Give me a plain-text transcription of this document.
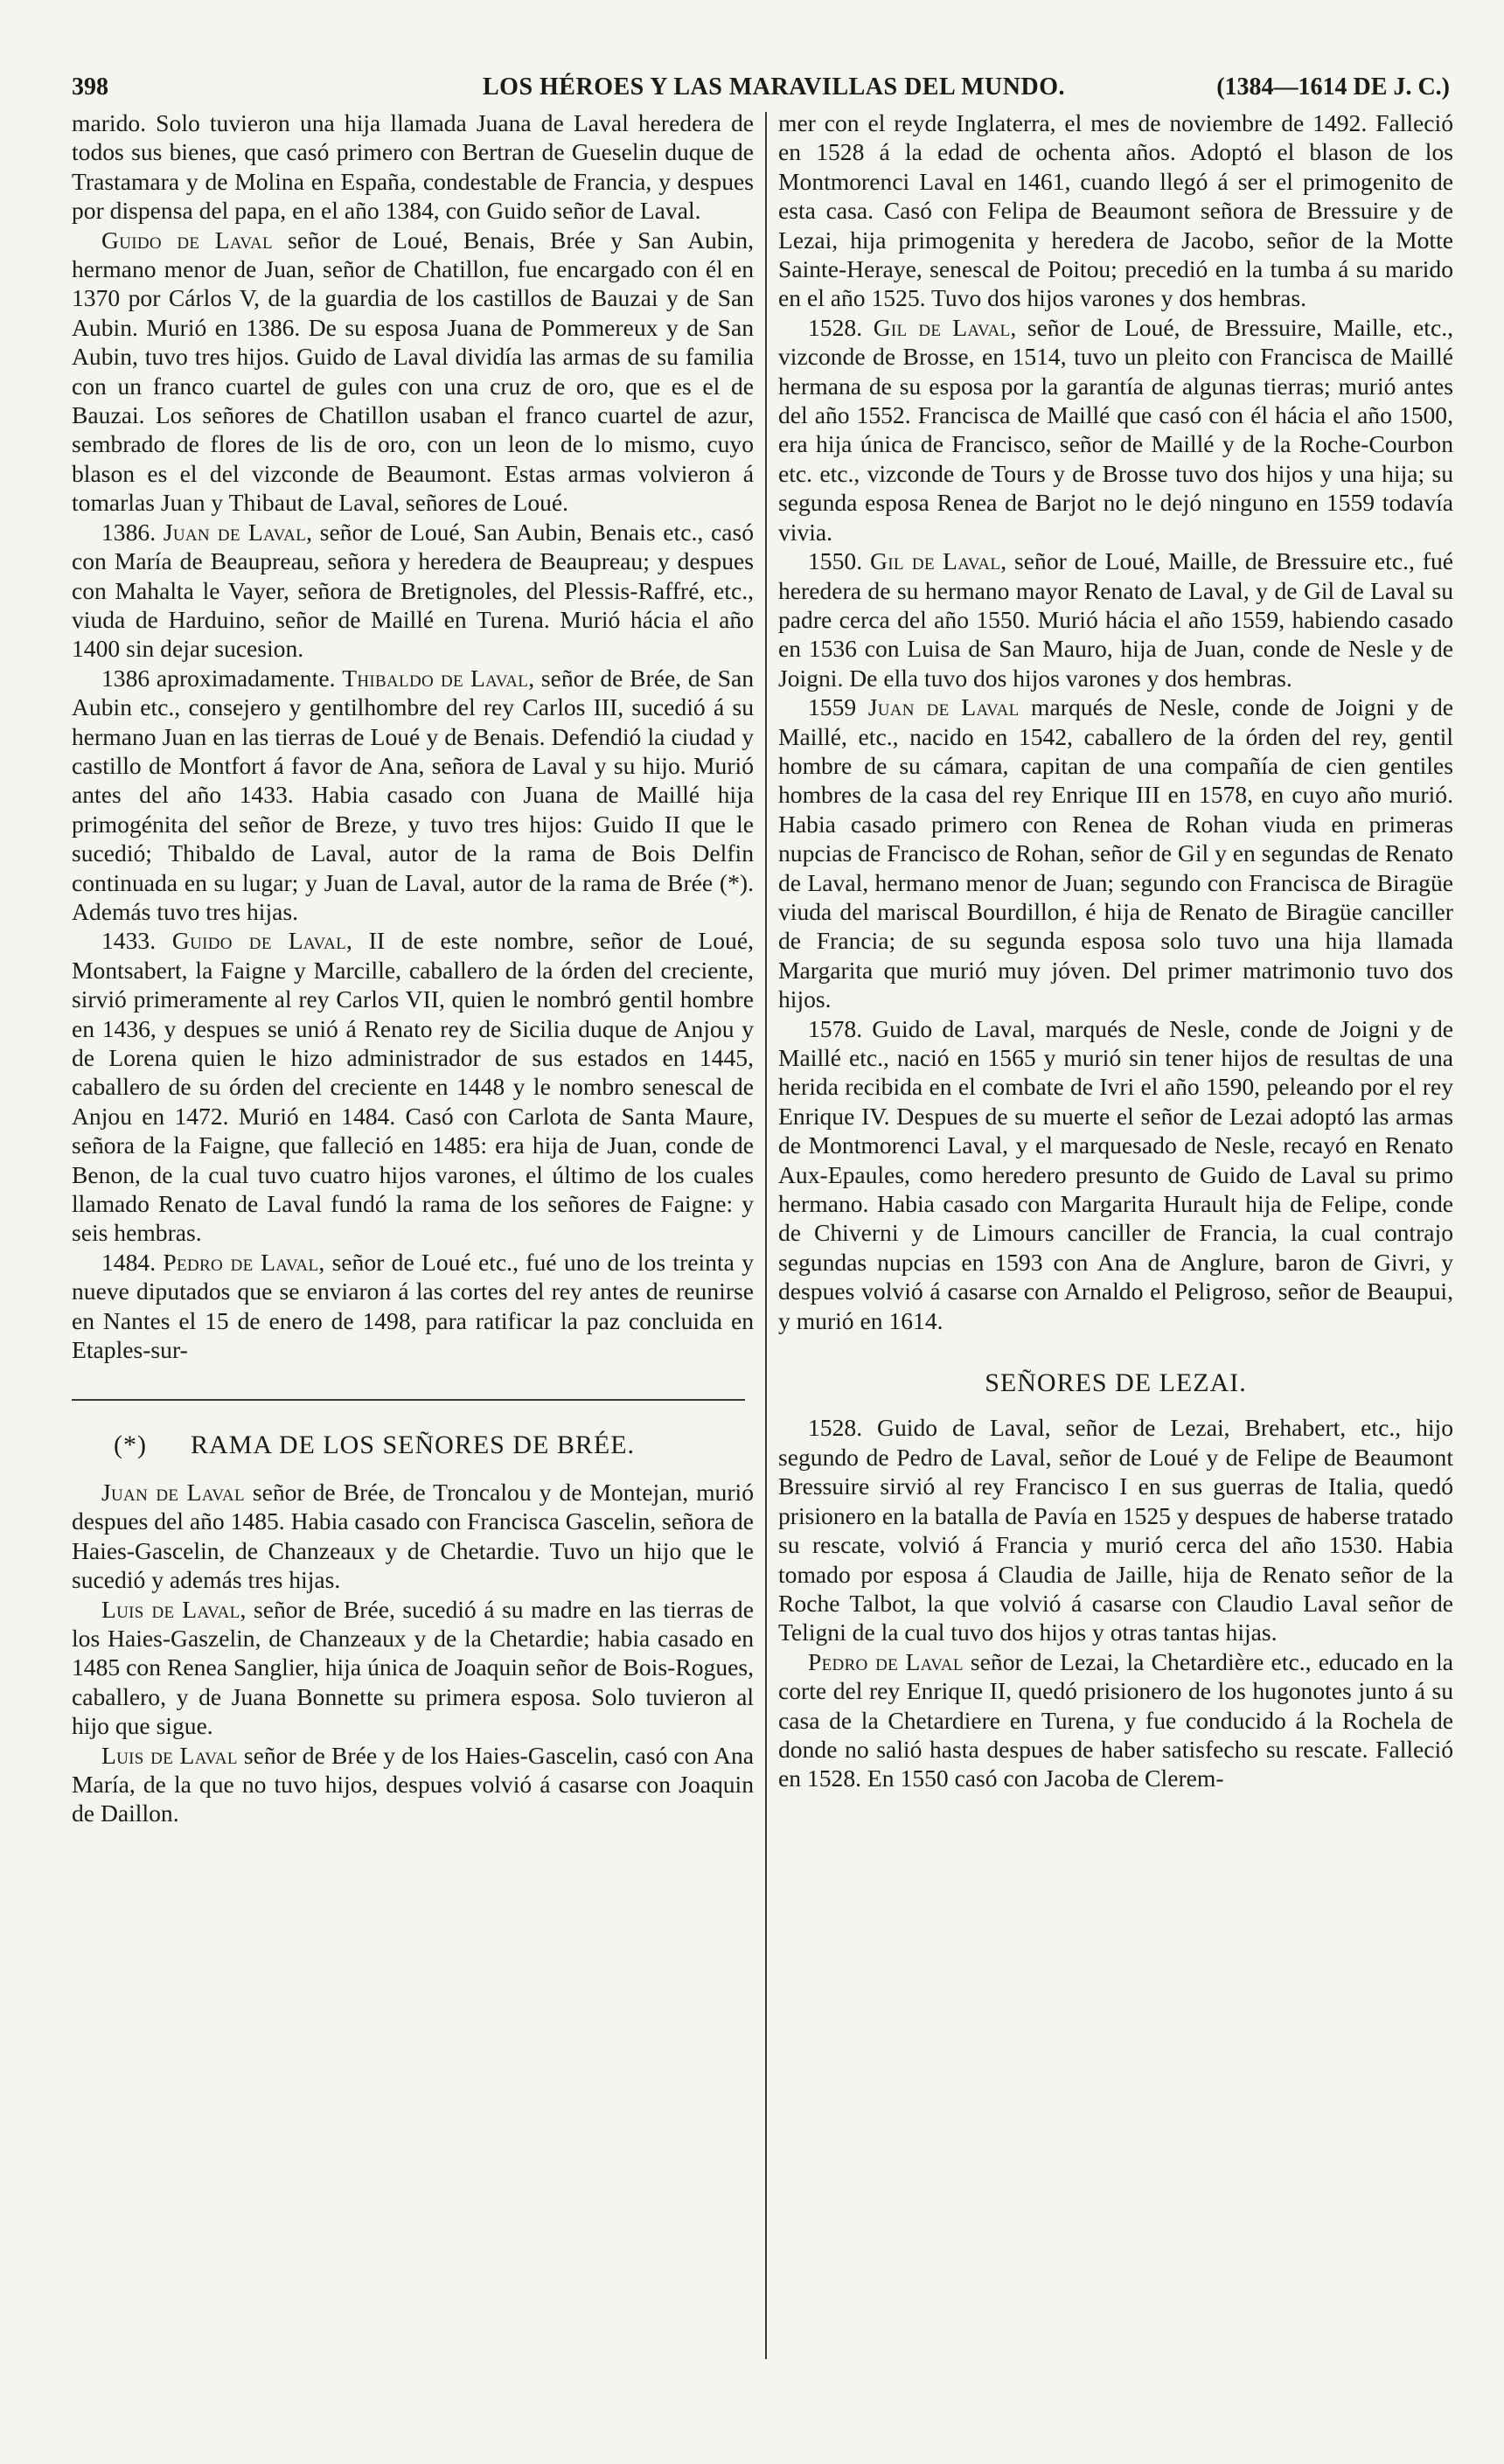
398	LOS HÉROES Y LAS MARAVILLAS DEL MUNDO.	(1384—1614 DE J. C.)

marido. Solo tuvieron una hija llamada Juana de Laval heredera de todos sus bienes, que casó primero con Bertran de Gueselin duque de Trastamara y de Molina en España, condestable de Francia, y despues por dispensa del papa, en el año 1384, con Guido señor de Laval.

Guido de Laval señor de Loué, Benais, Brée y San Aubin, hermano menor de Juan, señor de Chatillon, fue encargado con él en 1370 por Cárlos V, de la guardia de los castillos de Bauzai y de San Aubin. Murió en 1386. De su esposa Juana de Pommereux y de San Aubin, tuvo tres hijos. Guido de Laval dividía las armas de su familia con un franco cuartel de gules con una cruz de oro, que es el de Bauzai. Los señores de Chatillon usaban el franco cuartel de azur, sembrado de flores de lis de oro, con un leon de lo mismo, cuyo blason es el del vizconde de Beaumont. Estas armas volvieron á tomarlas Juan y Thibaut de Laval, señores de Loué.

1386. Juan de Laval, señor de Loué, San Aubin, Benais etc., casó con María de Beaupreau, señora y heredera de Beaupreau; y despues con Mahalta le Vayer, señora de Bretignoles, del Plessis-Raffré, etc., viuda de Harduino, señor de Maillé en Turena. Murió hácia el año 1400 sin dejar sucesion.

1386 aproximadamente. Thibaldo de Laval, señor de Brée, de San Aubin etc., consejero y gentilhombre del rey Carlos III, sucedió á su hermano Juan en las tierras de Loué y de Benais. Defendió la ciudad y castillo de Montfort á favor de Ana, señora de Laval y su hijo. Murió antes del año 1433. Habia casado con Juana de Maillé hija primogénita del señor de Breze, y tuvo tres hijos: Guido II que le sucedió; Thibaldo de Laval, autor de la rama de Bois Delfin continuada en su lugar; y Juan de Laval, autor de la rama de Brée (*). Además tuvo tres hijas.

1433. Guido de Laval, II de este nombre, señor de Loué, Montsabert, la Faigne y Marcille, caballero de la órden del creciente, sirvió primeramente al rey Carlos VII, quien le nombró gentil hombre en 1436, y despues se unió á Renato rey de Sicilia duque de Anjou y de Lorena quien le hizo administrador de sus estados en 1445, caballero de su órden del creciente en 1448 y le nombro senescal de Anjou en 1472. Murió en 1484. Casó con Carlota de Santa Maure, señora de la Faigne, que falleció en 1485: era hija de Juan, conde de Benon, de la cual tuvo cuatro hijos varones, el último de los cuales llamado Renato de Laval fundó la rama de los señores de Faigne: y seis hembras.

1484. Pedro de Laval, señor de Loué etc., fué uno de los treinta y nueve diputados que se enviaron á las cortes del rey antes de reunirse en Nantes el 15 de enero de 1498, para ratificar la paz concluida en Etaples-sur-

(*) RAMA DE LOS SEÑORES DE BRÉE.

Juan de Laval señor de Brée, de Troncalou y de Montejan, murió despues del año 1485. Habia casado con Francisca Gascelin, señora de Haies-Gascelin, de Chanzeaux y de Chetardie. Tuvo un hijo que le sucedió y además tres hijas.

Luis de Laval, señor de Brée, sucedió á su madre en las tierras de los Haies-Gaszelin, de Chanzeaux y de la Chetardie; habia casado en 1485 con Renea Sanglier, hija única de Joaquin señor de Bois-Rogues, caballero, y de Juana Bonnette su primera esposa. Solo tuvieron al hijo que sigue.

Luis de Laval señor de Brée y de los Haies-Gascelin, casó con Ana María, de la que no tuvo hijos, despues volvió á casarse con Joaquin de Daillon.

mer con el reyde Inglaterra, el mes de noviembre de 1492. Falleció en 1528 á la edad de ochenta años. Adoptó el blason de los Montmorenci Laval en 1461, cuando llegó á ser el primogenito de esta casa. Casó con Felipa de Beaumont señora de Bressuire y de Lezai, hija primogenita y heredera de Jacobo, señor de la Motte Sainte-Heraye, senescal de Poitou; precedió en la tumba á su marido en el año 1525. Tuvo dos hijos varones y dos hembras.

1528. Gil de Laval, señor de Loué, de Bressuire, Maille, etc., vizconde de Brosse, en 1514, tuvo un pleito con Francisca de Maillé hermana de su esposa por la garantía de algunas tierras; murió antes del año 1552. Francisca de Maillé que casó con él hácia el año 1500, era hija única de Francisco, señor de Maillé y de la Roche-Courbon etc. etc., vizconde de Tours y de Brosse tuvo dos hijos y una hija; su segunda esposa Renea de Barjot no le dejó ninguno en 1559 todavía vivia.

1550. Gil de Laval, señor de Loué, Maille, de Bressuire etc., fué heredera de su hermano mayor Renato de Laval, y de Gil de Laval su padre cerca del año 1550. Murió hácia el año 1559, habiendo casado en 1536 con Luisa de San Mauro, hija de Juan, conde de Nesle y de Joigni. De ella tuvo dos hijos varones y dos hembras.

1559 Juan de Laval marqués de Nesle, conde de Joigni y de Maillé, etc., nacido en 1542, caballero de la órden del rey, gentil hombre de su cámara, capitan de una compañía de cien gentiles hombres de la casa del rey Enrique III en 1578, en cuyo año murió. Habia casado primero con Renea de Rohan viuda en primeras nupcias de Francisco de Rohan, señor de Gil y en segundas de Renato de Laval, hermano menor de Juan; segundo con Francisca de Biragüe viuda del mariscal Bourdillon, é hija de Renato de Biragüe canciller de Francia; de su segunda esposa solo tuvo una hija llamada Margarita que murió muy jóven. Del primer matrimonio tuvo dos hijos.

1578. Guido de Laval, marqués de Nesle, conde de Joigni y de Maillé etc., nació en 1565 y murió sin tener hijos de resultas de una herida recibida en el combate de Ivri el año 1590, peleando por el rey Enrique IV. Despues de su muerte el señor de Lezai adoptó las armas de Montmorenci Laval, y el marquesado de Nesle, recayó en Renato Aux-Epaules, como heredero presunto de Guido de Laval su primo hermano. Habia casado con Margarita Hurault hija de Felipe, conde de Chiverni y de Limours canciller de Francia, la cual contrajo segundas nupcias en 1593 con Ana de Anglure, baron de Givri, y despues volvió á casarse con Arnaldo el Peligroso, señor de Beaupui, y murió en 1614.

SEÑORES DE LEZAI.

1528. Guido de Laval, señor de Lezai, Brehabert, etc., hijo segundo de Pedro de Laval, señor de Loué y de Felipe de Beaumont Bressuire sirvió al rey Francisco I en sus guerras de Italia, quedó prisionero en la batalla de Pavía en 1525 y despues de haberse tratado su rescate, volvió á Francia y murió cerca del año 1530. Habia tomado por esposa á Claudia de Jaille, hija de Renato señor de la Roche Talbot, la que volvió á casarse con Claudio Laval señor de Teligni de la cual tuvo dos hijos y otras tantas hijas.

Pedro de Laval señor de Lezai, la Chetardière etc., educado en la corte del rey Enrique II, quedó prisionero de los hugonotes junto á su casa de la Chetardiere en Turena, y fue conducido á la Rochela de donde no salió hasta despues de haber satisfecho su rescate. Falleció en 1528. En 1550 casó con Jacoba de Clerem-
